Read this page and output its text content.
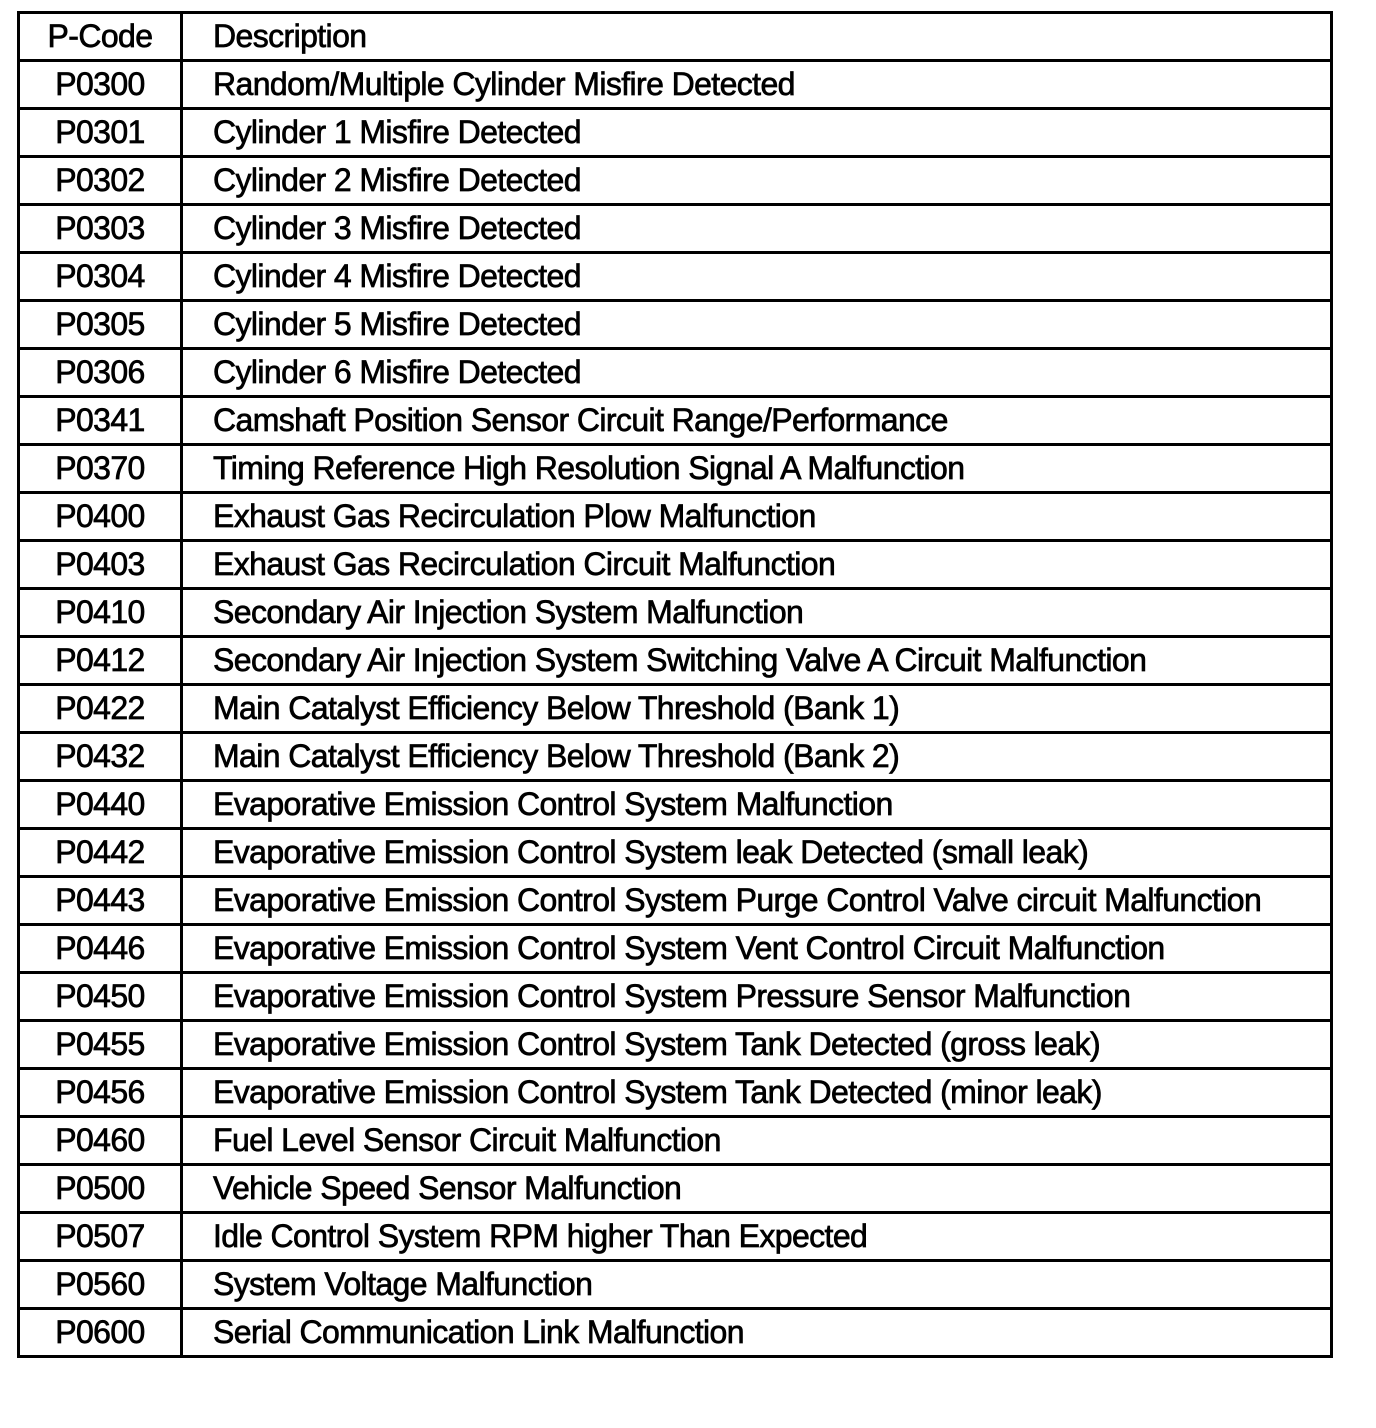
P-Code	Description
P0300	Random/Multiple Cylinder Misfire Detected
P0301	Cylinder 1 Misfire Detected
P0302	Cylinder 2 Misfire Detected
P0303	Cylinder 3 Misfire Detected
P0304	Cylinder 4 Misfire Detected
P0305	Cylinder 5 Misfire Detected
P0306	Cylinder 6 Misfire Detected
P0341	Camshaft Position Sensor Circuit Range/Performance
P0370	Timing Reference High Resolution Signal A Malfunction
P0400	Exhaust Gas Recirculation Plow Malfunction
P0403	Exhaust Gas Recirculation Circuit Malfunction
P0410	Secondary Air Injection System Malfunction
P0412	Secondary Air Injection System Switching Valve A Circuit Malfunction
P0422	Main Catalyst Efficiency Below Threshold (Bank 1)
P0432	Main Catalyst Efficiency Below Threshold (Bank 2)
P0440	Evaporative Emission Control System Malfunction
P0442	Evaporative Emission Control System leak Detected (small leak)
P0443	Evaporative Emission Control System Purge Control Valve circuit Malfunction
P0446	Evaporative Emission Control System Vent Control Circuit Malfunction
P0450	Evaporative Emission Control System Pressure Sensor Malfunction
P0455	Evaporative Emission Control System Tank Detected (gross leak)
P0456	Evaporative Emission Control System Tank Detected (minor leak)
P0460	Fuel Level Sensor Circuit Malfunction
P0500	Vehicle Speed Sensor Malfunction
P0507	Idle Control System RPM higher Than Expected
P0560	System Voltage Malfunction
P0600	Serial Communication Link Malfunction
